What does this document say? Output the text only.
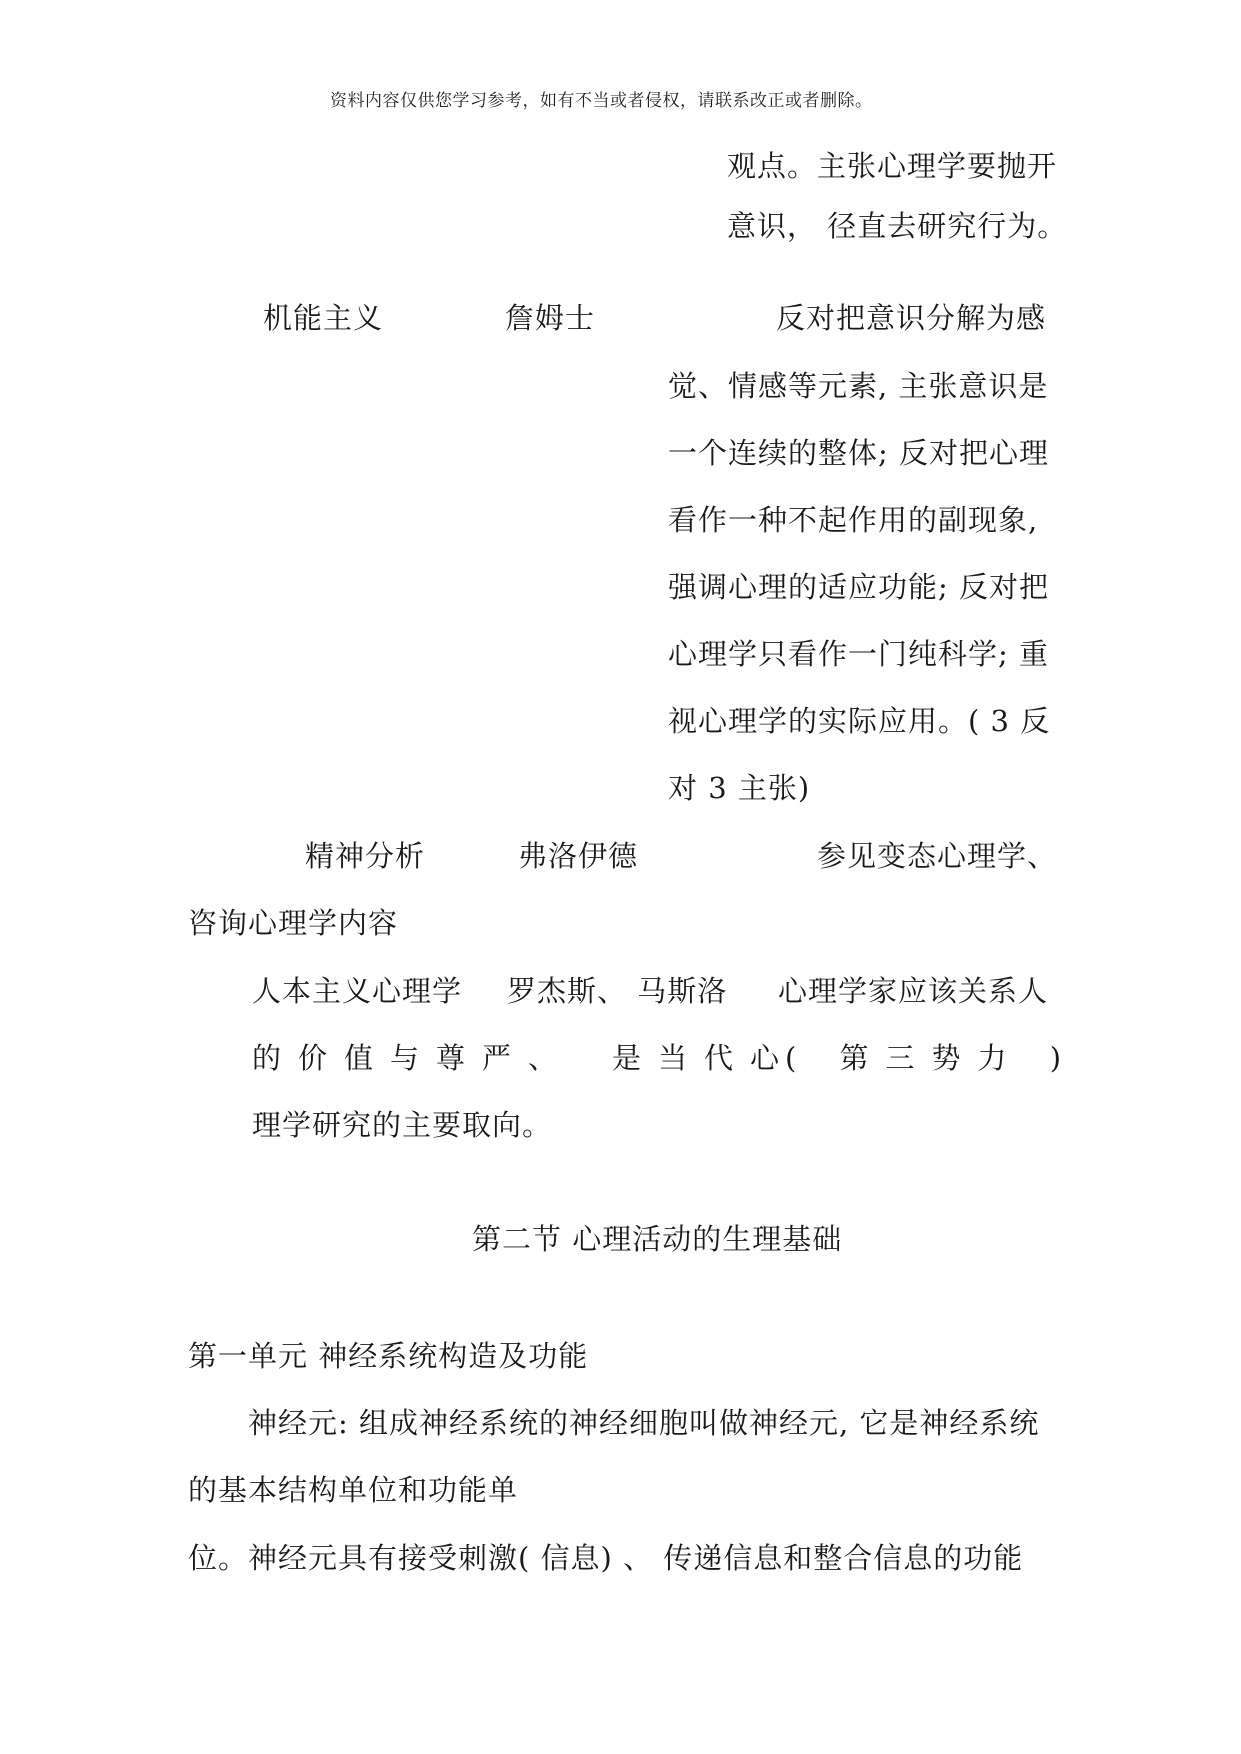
资料内容仅供您学习参考，如有不当或者侵权，请联系改正或者删除。
观点。主张心理学要抛开
意识， 径直去研究行为。
机能主义	詹姆士	反对把意识分解为感
觉、情感等元素, 主张意识是
一个连续的整体; 反对把心理
看作一种不起作用的副现象,
强调心理的适应功能; 反对把
心理学只看作一门纯科学; 重
视心理学的实际应用。( 3 反
对 3 主张)
精神分析	弗洛伊德	参见变态心理学、
咨询心理学内容
人本主义心理学 罗杰斯、 马斯洛 心理学家应该关系人
的价值与尊严、 是当代心
( 第三势力 )
理学研究的主要取向。
第二节 心理活动的生理基础
第一单元 神经系统构造及功能
神经元: 组成神经系统的神经细胞叫做神经元, 它是神经系统
的基本结构单位和功能单
位。神经元具有接受刺激( 信息) 、 传递信息和整合信息的功能
